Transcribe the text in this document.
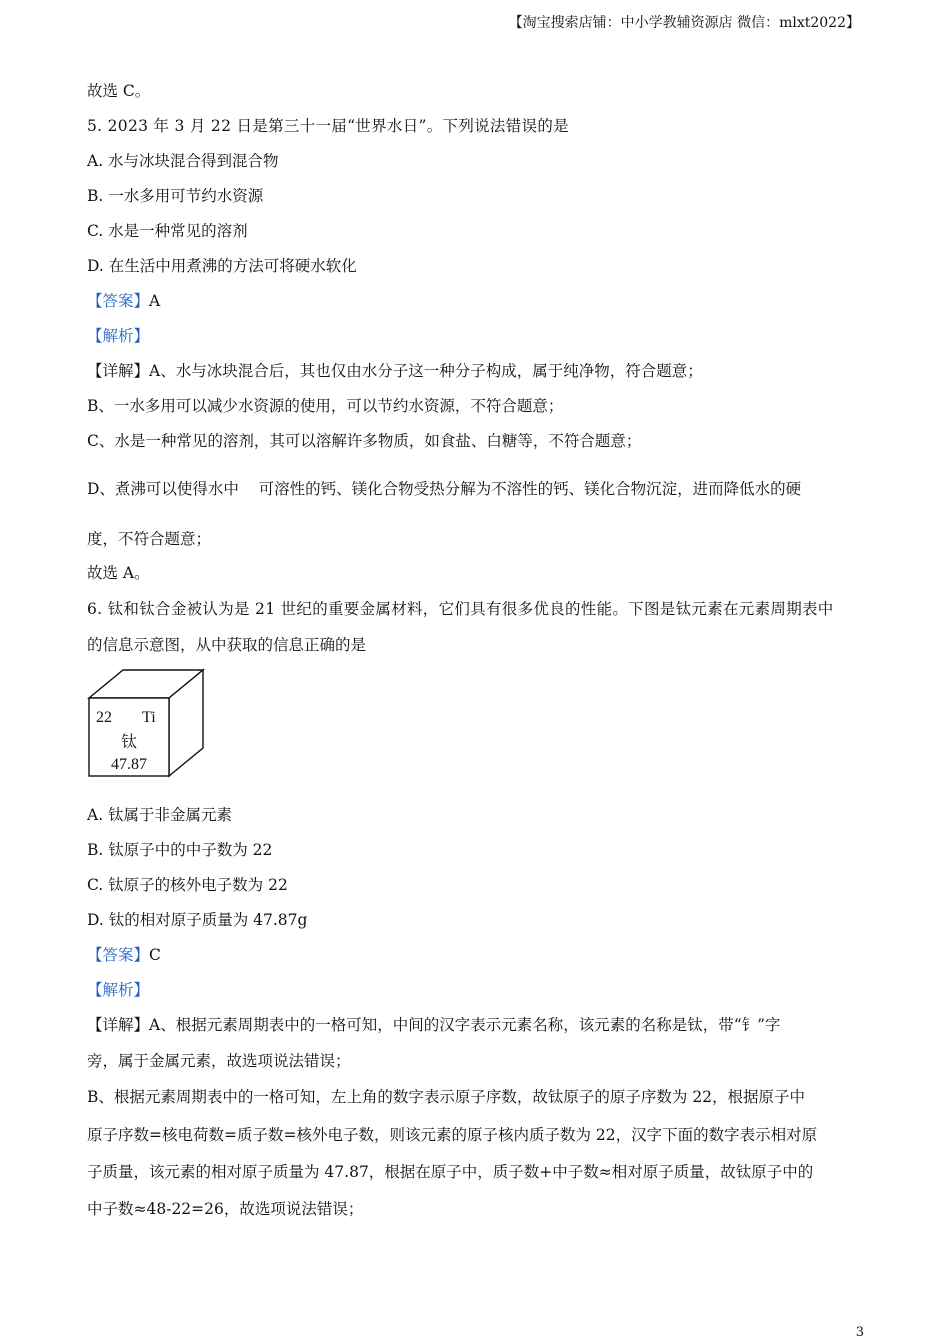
【淘宝搜索店铺：中小学教辅资源店 微信：mlxt2022】
故选 C。
5. 2023 年 3 月 22 日是第三十一届“世界水日”。下列说法错误的是
A. 水与冰块混合得到混合物
B. 一水多用可节约水资源
C. 水是一种常见的溶剂
D. 在生活中用煮沸的方法可将硬水软化
【答案】A
【解析】
【详解】A、水与冰块混合后，其也仅由水分子这一种分子构成，属于纯净物，符合题意；
B、一水多用可以减少水资源的使用，可以节约水资源，不符合题意；
C、水是一种常见的溶剂，其可以溶解许多物质，如食盐、白糖等，不符合题意；
D、煮沸可以使得水中    可溶性的钙、镁化合物受热分解为不溶性的钙、镁化合物沉淀，进而降低水的硬
度，不符合题意；
故选 A。
6. 钛和钛合金被认为是 21 世纪的重要金属材料，它们具有很多优良的性能。下图是钛元素在元素周期表中
的信息示意图，从中获取的信息正确的是
22 Ti
钛
47.87
A. 钛属于非金属元素
B. 钛原子中的中子数为 22
C. 钛原子的核外电子数为 22
D. 钛的相对原子质量为 47.87g
【答案】C
【解析】
【详解】A、根据元素周期表中的一格可知，中间的汉字表示元素名称，该元素的名称是钛，带“钅”字
旁，属于金属元素，故选项说法错误；
B、根据元素周期表中的一格可知，左上角的数字表示原子序数，故钛原子的原子序数为 22，根据原子中
原子序数=核电荷数=质子数=核外电子数，则该元素的原子核内质子数为 22，汉字下面的数字表示相对原
子质量，该元素的相对原子质量为 47.87，根据在原子中，质子数+中子数≈相对原子质量，故钛原子中的
中子数≈48-22=26，故选项说法错误；
3
